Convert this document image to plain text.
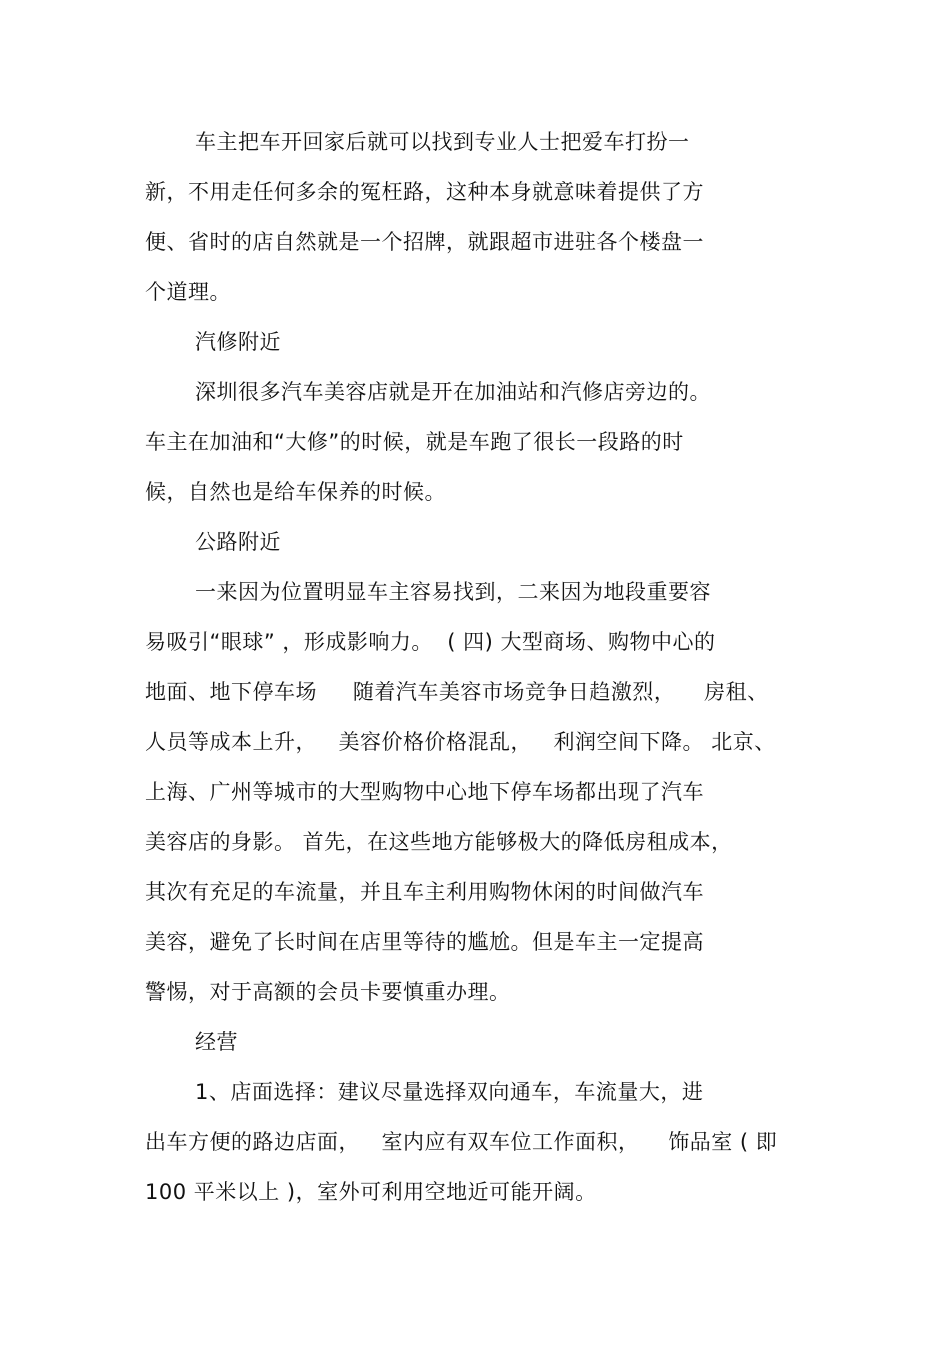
车主把车开回家后就可以找到专业人士把爱车打扮一
新，不用走任何多余的冤枉路，这种本身就意味着提供了方
便、省时的店自然就是一个招牌，就跟超市进驻各个楼盘一
个道理。
汽修附近
深圳很多汽车美容店就是开在加油站和汽修店旁边的。
车主在加油和“大修”的时候，就是车跑了很长一段路的时
候，自然也是给车保养的时候。
公路附近
一来因为位置明显车主容易找到，二来因为地段重要容
易吸引“眼球” ，形成影响力。  ( 四) 大型商场、购物中心的
地面、地下停车场     随着汽车美容市场竞争日趋激烈，    房租、
人员等成本上升，   美容价格价格混乱，   利润空间下降。 北京、
上海、广州等城市的大型购物中心地下停车场都出现了汽车
美容店的身影。 首先，在这些地方能够极大的降低房租成本，
其次有充足的车流量，并且车主利用购物休闲的时间做汽车
美容，避免了长时间在店里等待的尴尬。但是车主一定提高
警惕，对于高额的会员卡要慎重办理。
经营
1、店面选择：建议尽量选择双向通车，车流量大，进
出车方便的路边店面，   室内应有双车位工作面积，    饰品室 ( 即
100 平米以上 )，室外可利用空地近可能开阔。
